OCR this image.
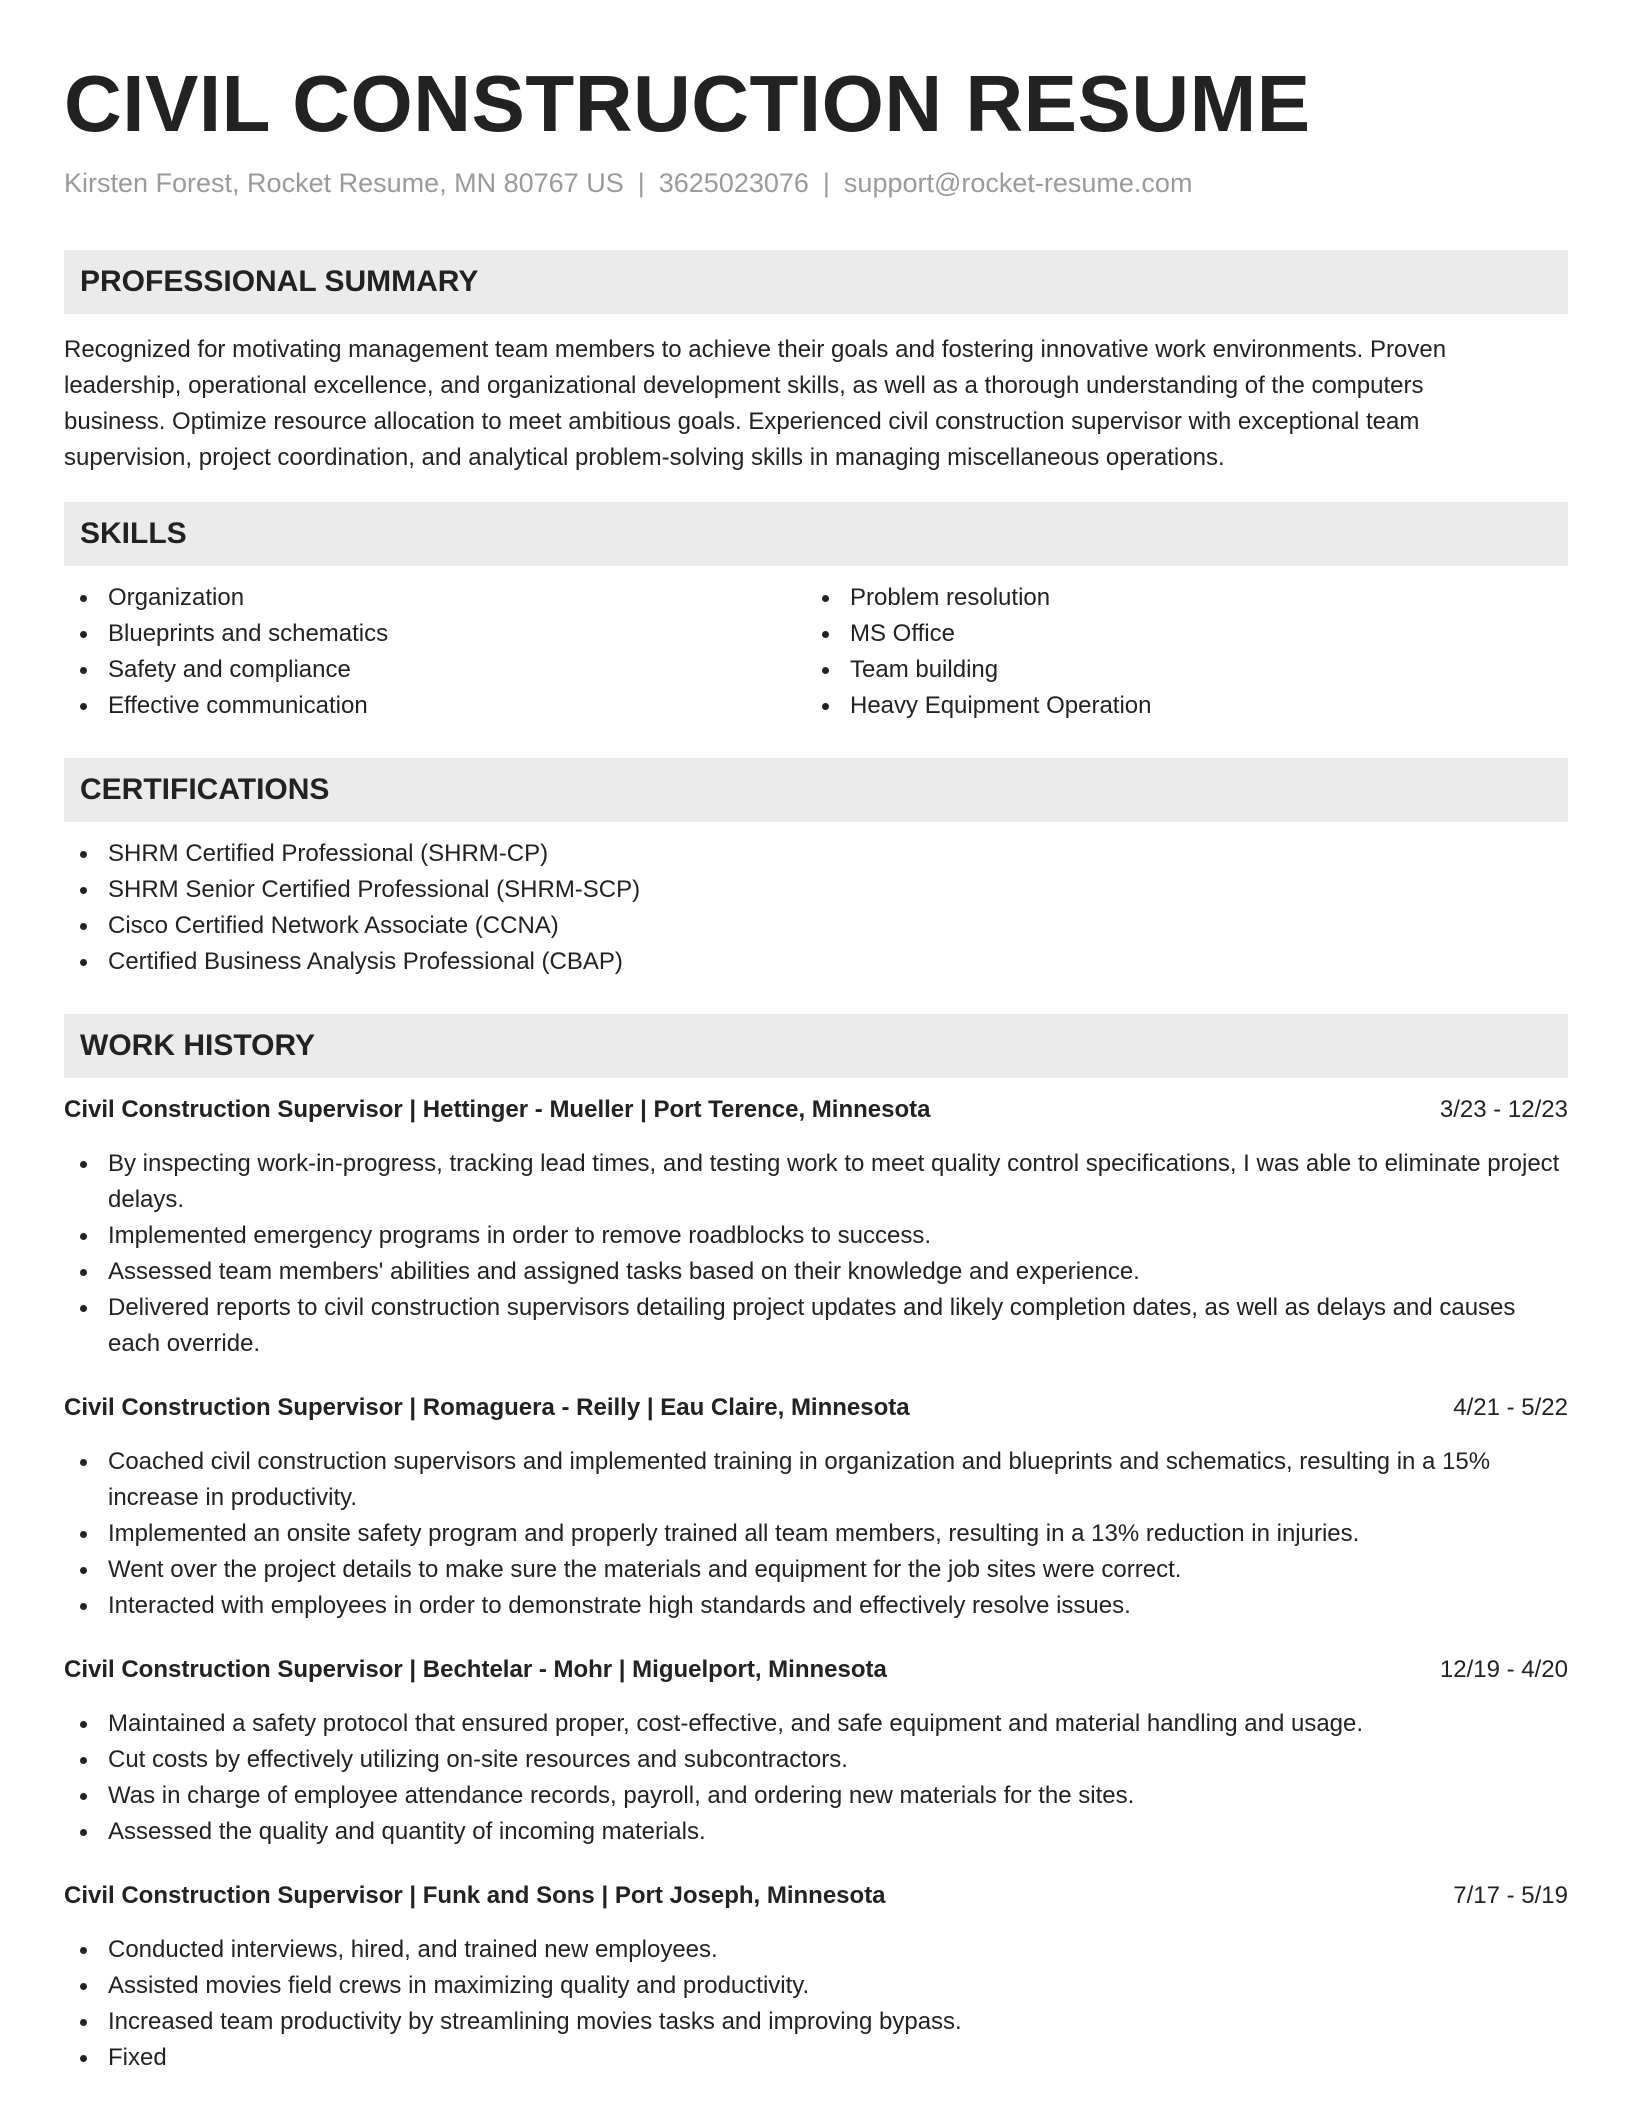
CIVIL CONSTRUCTION RESUME
Kirsten Forest, Rocket Resume, MN 80767 US | 3625023076 | support@rocket-resume.com
PROFESSIONAL SUMMARY

Recognized for motivating management team members to achieve their goals and fostering innovative work environments. Proven leadership, operational excellence, and organizational development skills, as well as a thorough understanding of the computers business. Optimize resource allocation to meet ambitious goals. Experienced civil construction supervisor with exceptional team supervision, project coordination, and analytical problem-solving skills in managing miscellaneous operations.

SKILLS
Organization
Blueprints and schematics
Safety and compliance
Effective communication
Problem resolution
MS Office
Team building
Heavy Equipment Operation
CERTIFICATIONS
SHRM Certified Professional (SHRM-CP)
SHRM Senior Certified Professional (SHRM-SCP)
Cisco Certified Network Associate (CCNA)
Certified Business Analysis Professional (CBAP)
WORK HISTORY
Civil Construction Supervisor | Hettinger - Mueller | Port Terence, Minnesota	3/23 - 12/23
By inspecting work-in-progress, tracking lead times, and testing work to meet quality control specifications, I was able to eliminate project delays.
Implemented emergency programs in order to remove roadblocks to success.
Assessed team members' abilities and assigned tasks based on their knowledge and experience.
Delivered reports to civil construction supervisors detailing project updates and likely completion dates, as well as delays and causes each override.
Civil Construction Supervisor | Romaguera - Reilly | Eau Claire, Minnesota	4/21 - 5/22
Coached civil construction supervisors and implemented training in organization and blueprints and schematics, resulting in a 15% increase in productivity.
Implemented an onsite safety program and properly trained all team members, resulting in a 13% reduction in injuries.
Went over the project details to make sure the materials and equipment for the job sites were correct.
Interacted with employees in order to demonstrate high standards and effectively resolve issues.
Civil Construction Supervisor | Bechtelar - Mohr | Miguelport, Minnesota	12/19 - 4/20
Maintained a safety protocol that ensured proper, cost-effective, and safe equipment and material handling and usage.
Cut costs by effectively utilizing on-site resources and subcontractors.
Was in charge of employee attendance records, payroll, and ordering new materials for the sites.
Assessed the quality and quantity of incoming materials.
Civil Construction Supervisor | Funk and Sons | Port Joseph, Minnesota	7/17 - 5/19
Conducted interviews, hired, and trained new employees.
Assisted movies field crews in maximizing quality and productivity.
Increased team productivity by streamlining movies tasks and improving bypass.
Fixed
